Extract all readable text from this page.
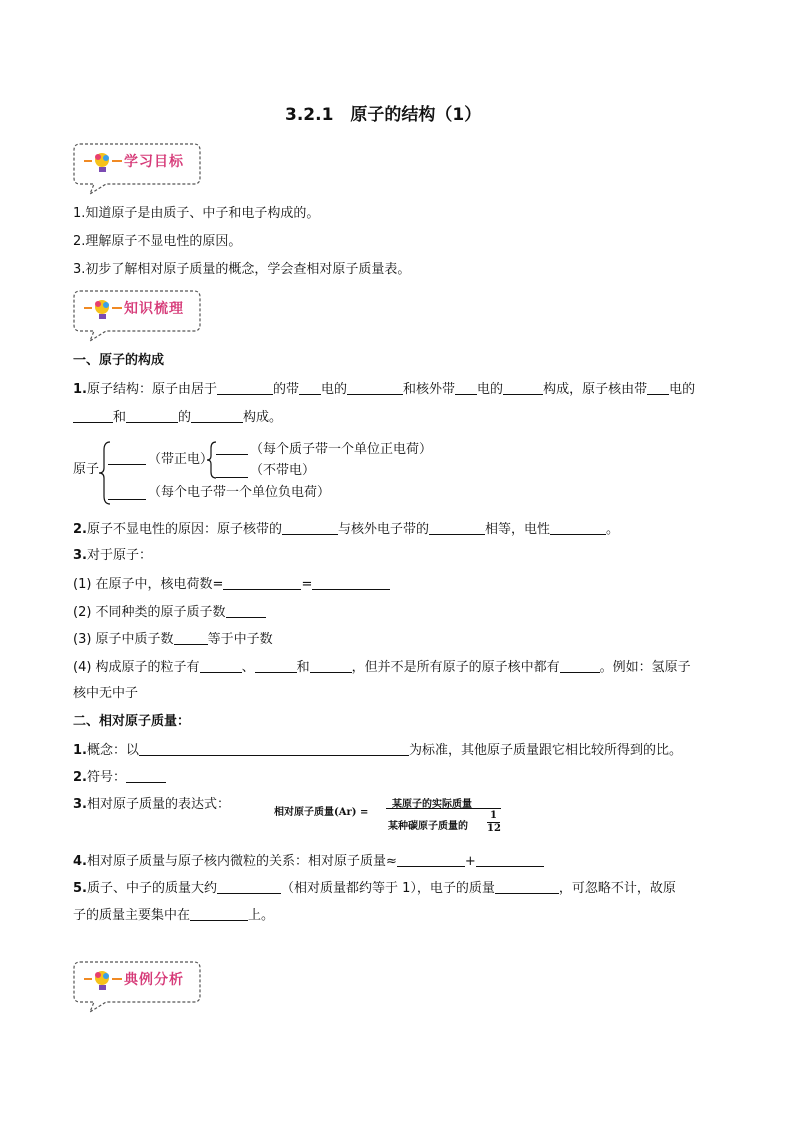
3.2.1　原子的结构（1）
学习目标
1.知道原子是由质子、中子和电子构成的。
2.理解原子不显电性的原因。
3.初步了解相对原子质量的概念，学会查相对原子质量表。
知识梳理
一、原子的构成
1.原子结构：原子由居于	的带 电的	和核外带 电的	构成，原子核由带 电的
和	的	构成。
原子
（带正电）
（每个质子带一个单位正电荷）
（不带电）
（每个电子带一个单位负电荷）
2.原子不显电性的原因：原子核带的	与核外电子带的	相等，电性	。
3.对于原子：
(1) 在原子中，核电荷数=	=
(2) 不同种类的原子质子数
(3) 原子中质子数	等于中子数
(4) 构成原子的粒子有	、	和	，但并不是所有原子的原子核中都有	。例如：氢原子
核中无中子
二、相对原子质量：
1.概念：以	为标准，其他原子质量跟它相比较所得到的比。
2.符号：
3.相对原子质量的表达式：
相对原子质量(Ar) =
某原子的实际质量
某种碳原子质量的
1
12
4.相对原子质量与原子核内微粒的关系：相对原子质量≈	+
5.质子、中子的质量大约	（相对质量都约等于 1），电子的质量	，可忽略不计，故原
子的质量主要集中在	上。
典例分析
